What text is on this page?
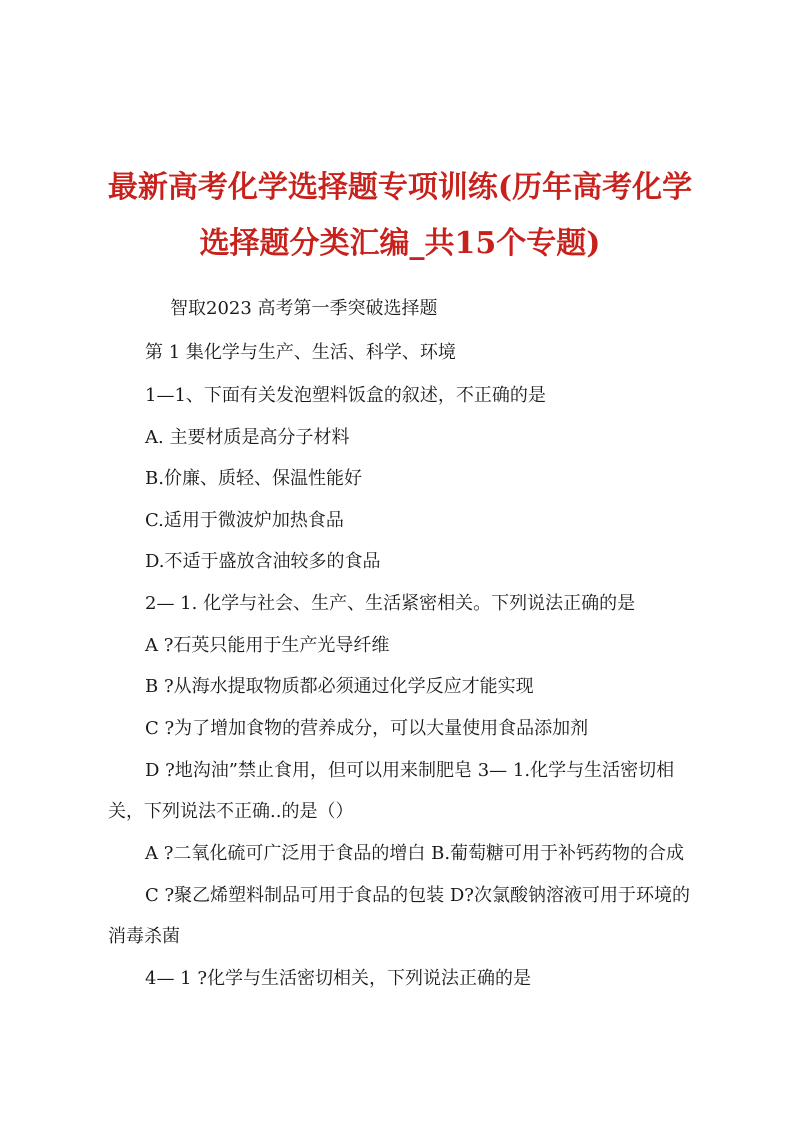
最新高考化学选择题专项训练(历年高考化学
选择题分类汇编_共15个专题)
智取2023 高考第一季突破选择题
第 1 集化学与生产、生活、科学、环境
1—1、下面有关发泡塑料饭盒的叙述，不正确的是
A. 主要材质是高分子材料
B.价廉、质轻、保温性能好
C.适用于微波炉加热食品
D.不适于盛放含油较多的食品
2— 1. 化学与社会、生产、生活紧密相关。下列说法正确的是
A ?石英只能用于生产光导纤维
B ?从海水提取物质都必须通过化学反应才能实现
C ?为了增加食物的营养成分，可以大量使用食品添加剂
D ?地沟油”禁止食用，但可以用来制肥皂 3— 1.化学与生活密切相
关，下列说法不正确..的是（）
A ?二氧化硫可广泛用于食品的增白 B.葡萄糖可用于补钙药物的合成
C ?聚乙烯塑料制品可用于食品的包装 D?次氯酸钠溶液可用于环境的
消毒杀菌
4— 1 ?化学与生活密切相关，下列说法正确的是
